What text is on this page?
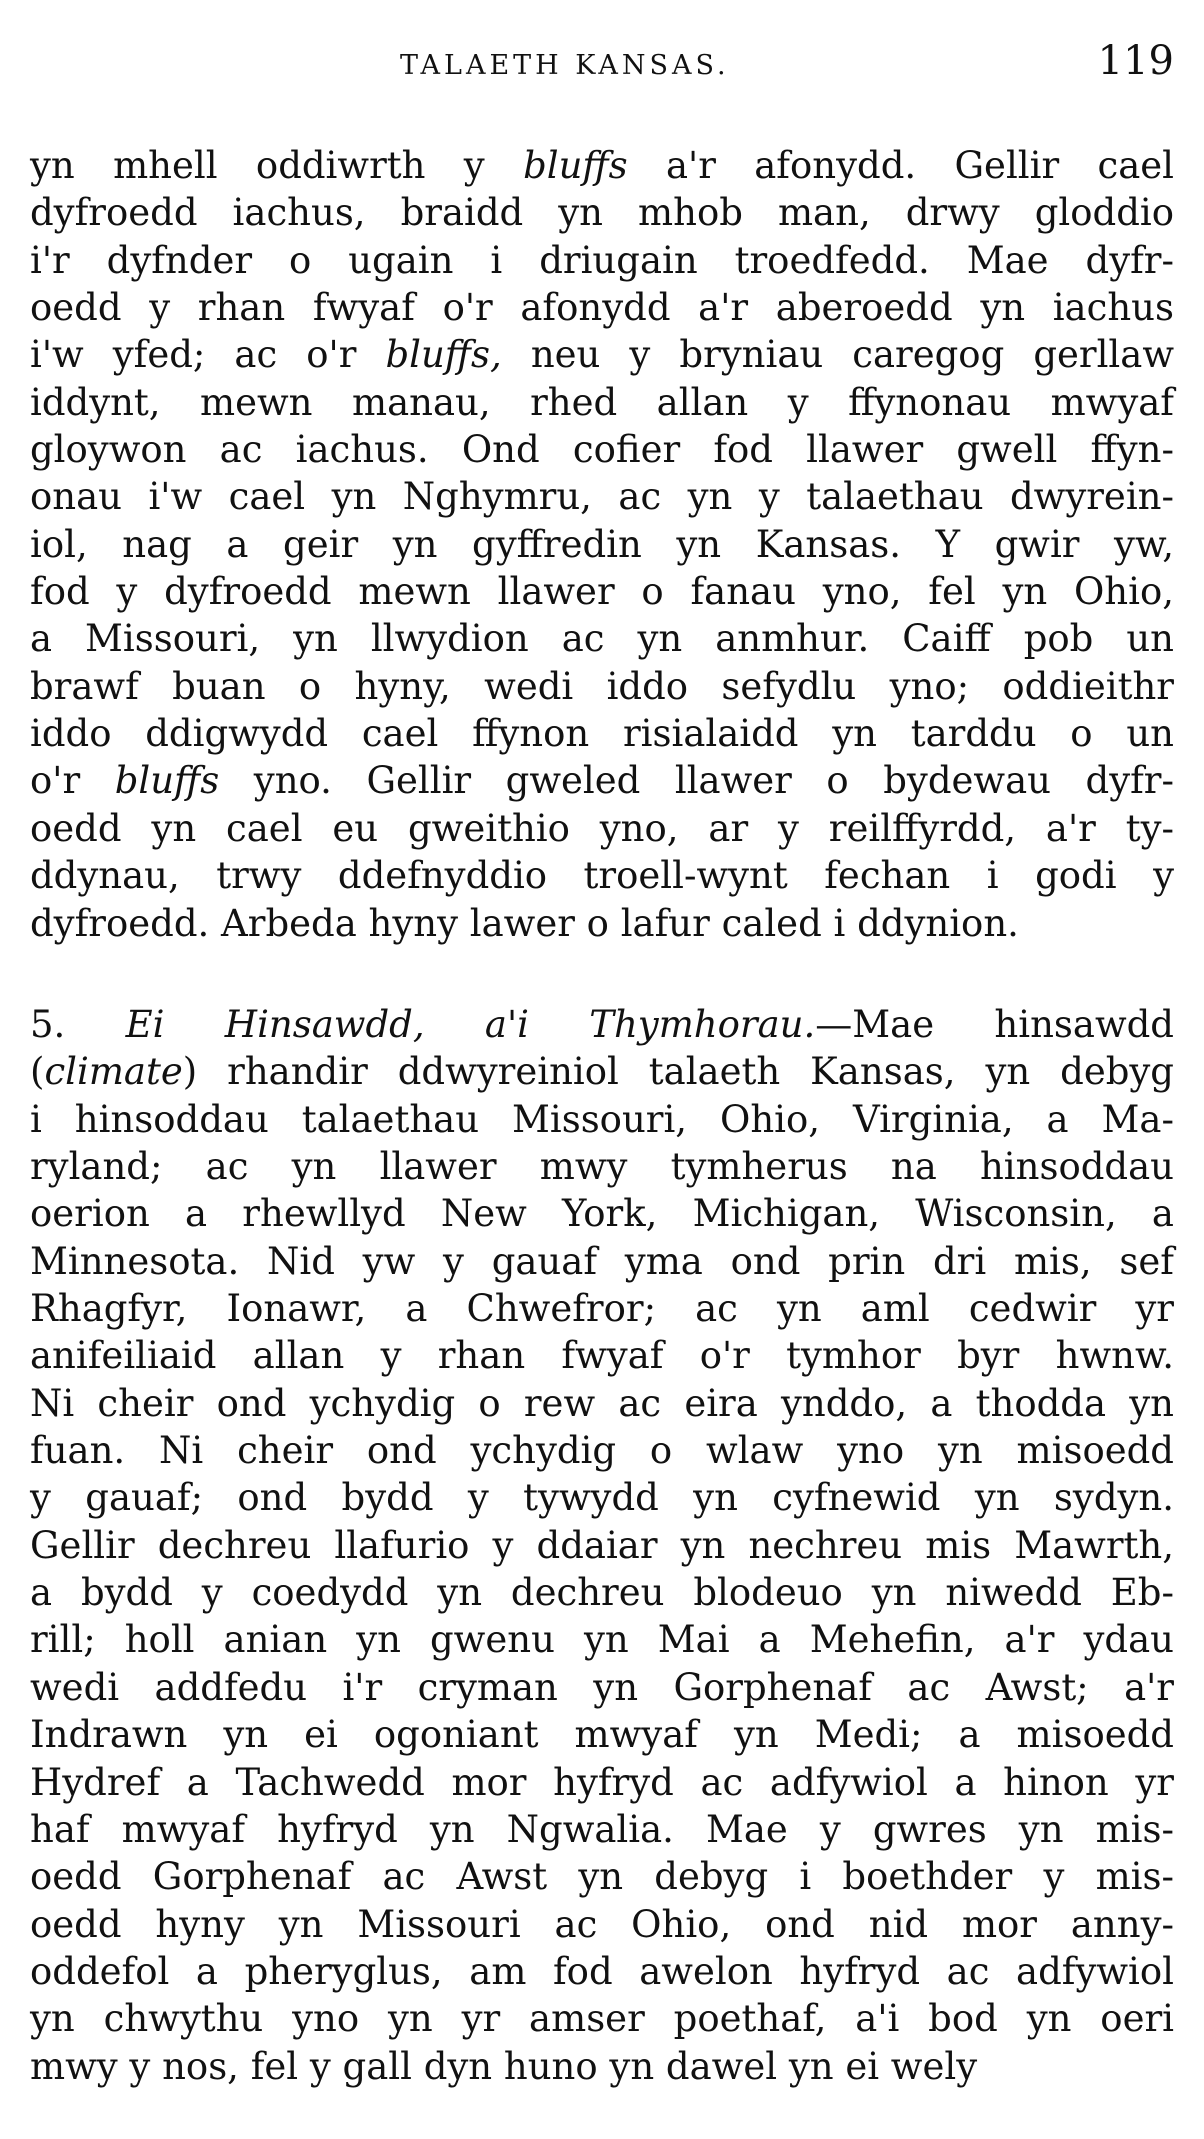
TALAETH KANSAS.	119
yn mhell oddiwrth y bluffs a'r afonydd. Gellir cael
dyfroedd iachus, braidd yn mhob man, drwy gloddio
i'r dyfnder o ugain i driugain troedfedd. Mae dyfr-
oedd y rhan fwyaf o'r afonydd a'r aberoedd yn iachus
i'w yfed; ac o'r bluffs, neu y bryniau caregog gerllaw
iddynt, mewn manau, rhed allan y ffynonau mwyaf
gloywon ac iachus. Ond cofier fod llawer gwell ffyn-
onau i'w cael yn Nghymru, ac yn y talaethau dwyrein-
iol, nag a geir yn gyffredin yn Kansas. Y gwir yw,
fod y dyfroedd mewn llawer o fanau yno, fel yn Ohio,
a Missouri, yn llwydion ac yn anmhur. Caiff pob un
brawf buan o hyny, wedi iddo sefydlu yno; oddieithr
iddo ddigwydd cael ffynon risialaidd yn tarddu o un
o'r bluffs yno. Gellir gweled llawer o bydewau dyfr-
oedd yn cael eu gweithio yno, ar y reilffyrdd, a'r ty-
ddynau, trwy ddefnyddio troell-wynt fechan i godi y
dyfroedd. Arbeda hyny lawer o lafur caled i ddynion.
5. Ei Hinsawdd, a'i Thymhorau.—Mae hinsawdd
(climate) rhandir ddwyreiniol talaeth Kansas, yn debyg
i hinsoddau talaethau Missouri, Ohio, Virginia, a Ma-
ryland; ac yn llawer mwy tymherus na hinsoddau
oerion a rhewllyd New York, Michigan, Wisconsin, a
Minnesota. Nid yw y gauaf yma ond prin dri mis, sef
Rhagfyr, Ionawr, a Chwefror; ac yn aml cedwir yr
anifeiliaid allan y rhan fwyaf o'r tymhor byr hwnw.
Ni cheir ond ychydig o rew ac eira ynddo, a thodda yn
fuan. Ni cheir ond ychydig o wlaw yno yn misoedd
y gauaf; ond bydd y tywydd yn cyfnewid yn sydyn.
Gellir dechreu llafurio y ddaiar yn nechreu mis Mawrth,
a bydd y coedydd yn dechreu blodeuo yn niwedd Eb-
rill; holl anian yn gwenu yn Mai a Mehefin, a'r ydau
wedi addfedu i'r cryman yn Gorphenaf ac Awst; a'r
Indrawn yn ei ogoniant mwyaf yn Medi; a misoedd
Hydref a Tachwedd mor hyfryd ac adfywiol a hinon yr
haf mwyaf hyfryd yn Ngwalia. Mae y gwres yn mis-
oedd Gorphenaf ac Awst yn debyg i boethder y mis-
oedd hyny yn Missouri ac Ohio, ond nid mor anny-
oddefol a pheryglus, am fod awelon hyfryd ac adfywiol
yn chwythu yno yn yr amser poethaf, a'i bod yn oeri
mwy y nos, fel y gall dyn huno yn dawel yn ei wely
